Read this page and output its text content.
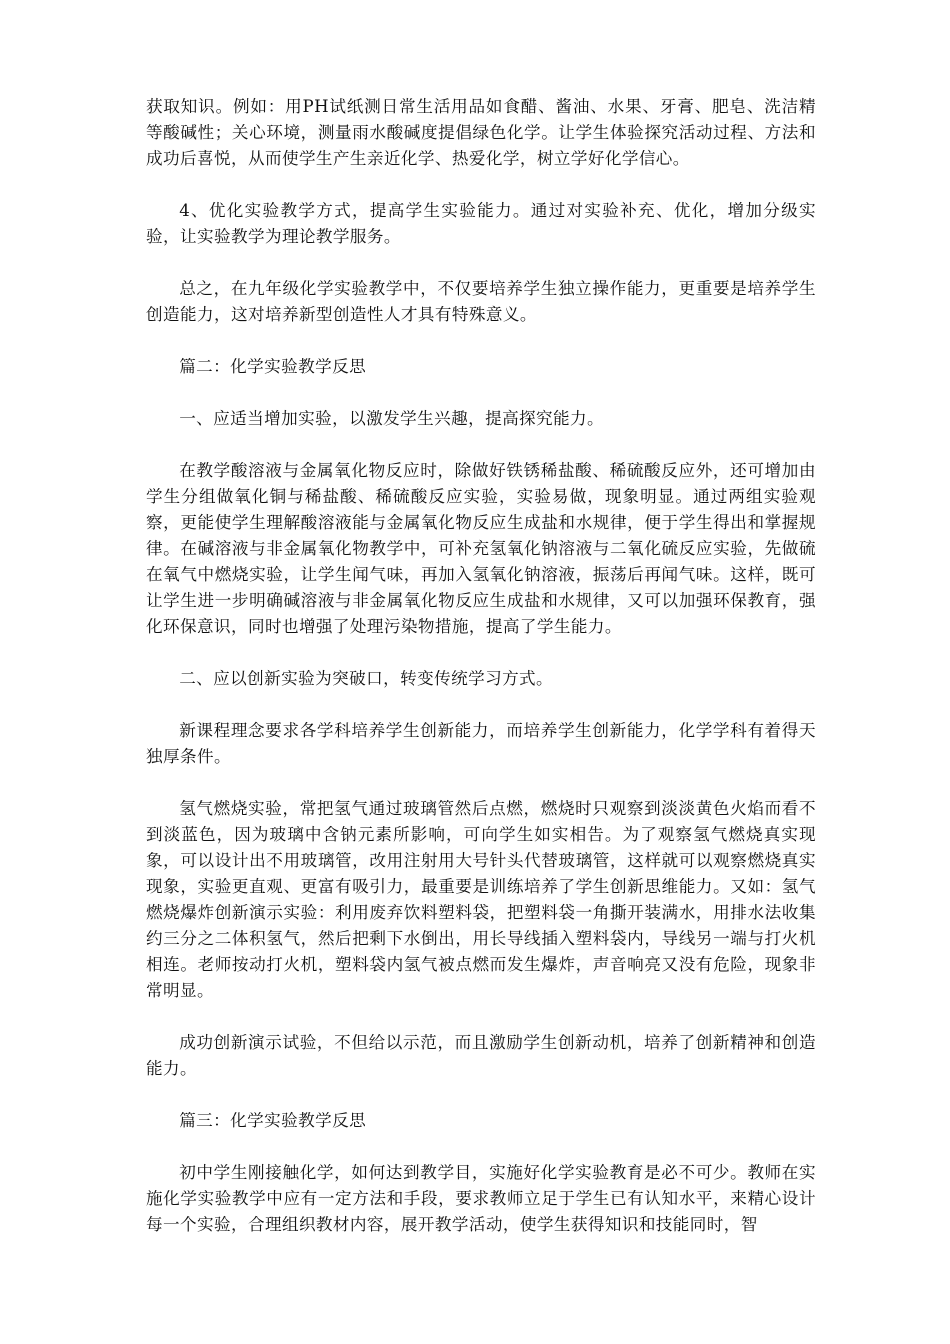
获取知识。例如：用PH试纸测日常生活用品如食醋、酱油、水果、牙膏、肥皂、洗洁精等酸碱性；关心环境，测量雨水酸碱度提倡绿色化学。让学生体验探究活动过程、方法和成功后喜悦，从而使学生产生亲近化学、热爱化学，树立学好化学信心。

4、优化实验教学方式，提高学生实验能力。通过对实验补充、优化，增加分级实验，让实验教学为理论教学服务。

总之，在九年级化学实验教学中，不仅要培养学生独立操作能力，更重要是培养学生创造能力，这对培养新型创造性人才具有特殊意义。

篇二：化学实验教学反思

一、应适当增加实验，以激发学生兴趣，提高探究能力。

在教学酸溶液与金属氧化物反应时，除做好铁锈稀盐酸、稀硫酸反应外，还可增加由学生分组做氧化铜与稀盐酸、稀硫酸反应实验，实验易做，现象明显。通过两组实验观察，更能使学生理解酸溶液能与金属氧化物反应生成盐和水规律，便于学生得出和掌握规律。在碱溶液与非金属氧化物教学中，可补充氢氧化钠溶液与二氧化硫反应实验，先做硫在氧气中燃烧实验，让学生闻气味，再加入氢氧化钠溶液，振荡后再闻气味。这样，既可让学生进一步明确碱溶液与非金属氧化物反应生成盐和水规律，又可以加强环保教育，强化环保意识，同时也增强了处理污染物措施，提高了学生能力。

二、应以创新实验为突破口，转变传统学习方式。

新课程理念要求各学科培养学生创新能力，而培养学生创新能力，化学学科有着得天独厚条件。

氢气燃烧实验，常把氢气通过玻璃管然后点燃，燃烧时只观察到淡淡黄色火焰而看不到淡蓝色，因为玻璃中含钠元素所影响，可向学生如实相告。为了观察氢气燃烧真实现象，可以设计出不用玻璃管，改用注射用大号针头代替玻璃管，这样就可以观察燃烧真实现象，实验更直观、更富有吸引力，最重要是训练培养了学生创新思维能力。又如：氢气燃烧爆炸创新演示实验：利用废弃饮料塑料袋，把塑料袋一角撕开装满水，用排水法收集约三分之二体积氢气，然后把剩下水倒出，用长导线插入塑料袋内，导线另一端与打火机相连。老师按动打火机，塑料袋内氢气被点燃而发生爆炸，声音响亮又没有危险，现象非常明显。

成功创新演示试验，不但给以示范，而且激励学生创新动机，培养了创新精神和创造能力。

篇三：化学实验教学反思

初中学生刚接触化学，如何达到教学目，实施好化学实验教育是必不可少。教师在实施化学实验教学中应有一定方法和手段，要求教师立足于学生已有认知水平，来精心设计每一个实验，合理组织教材内容，展开教学活动，使学生获得知识和技能同时，智
